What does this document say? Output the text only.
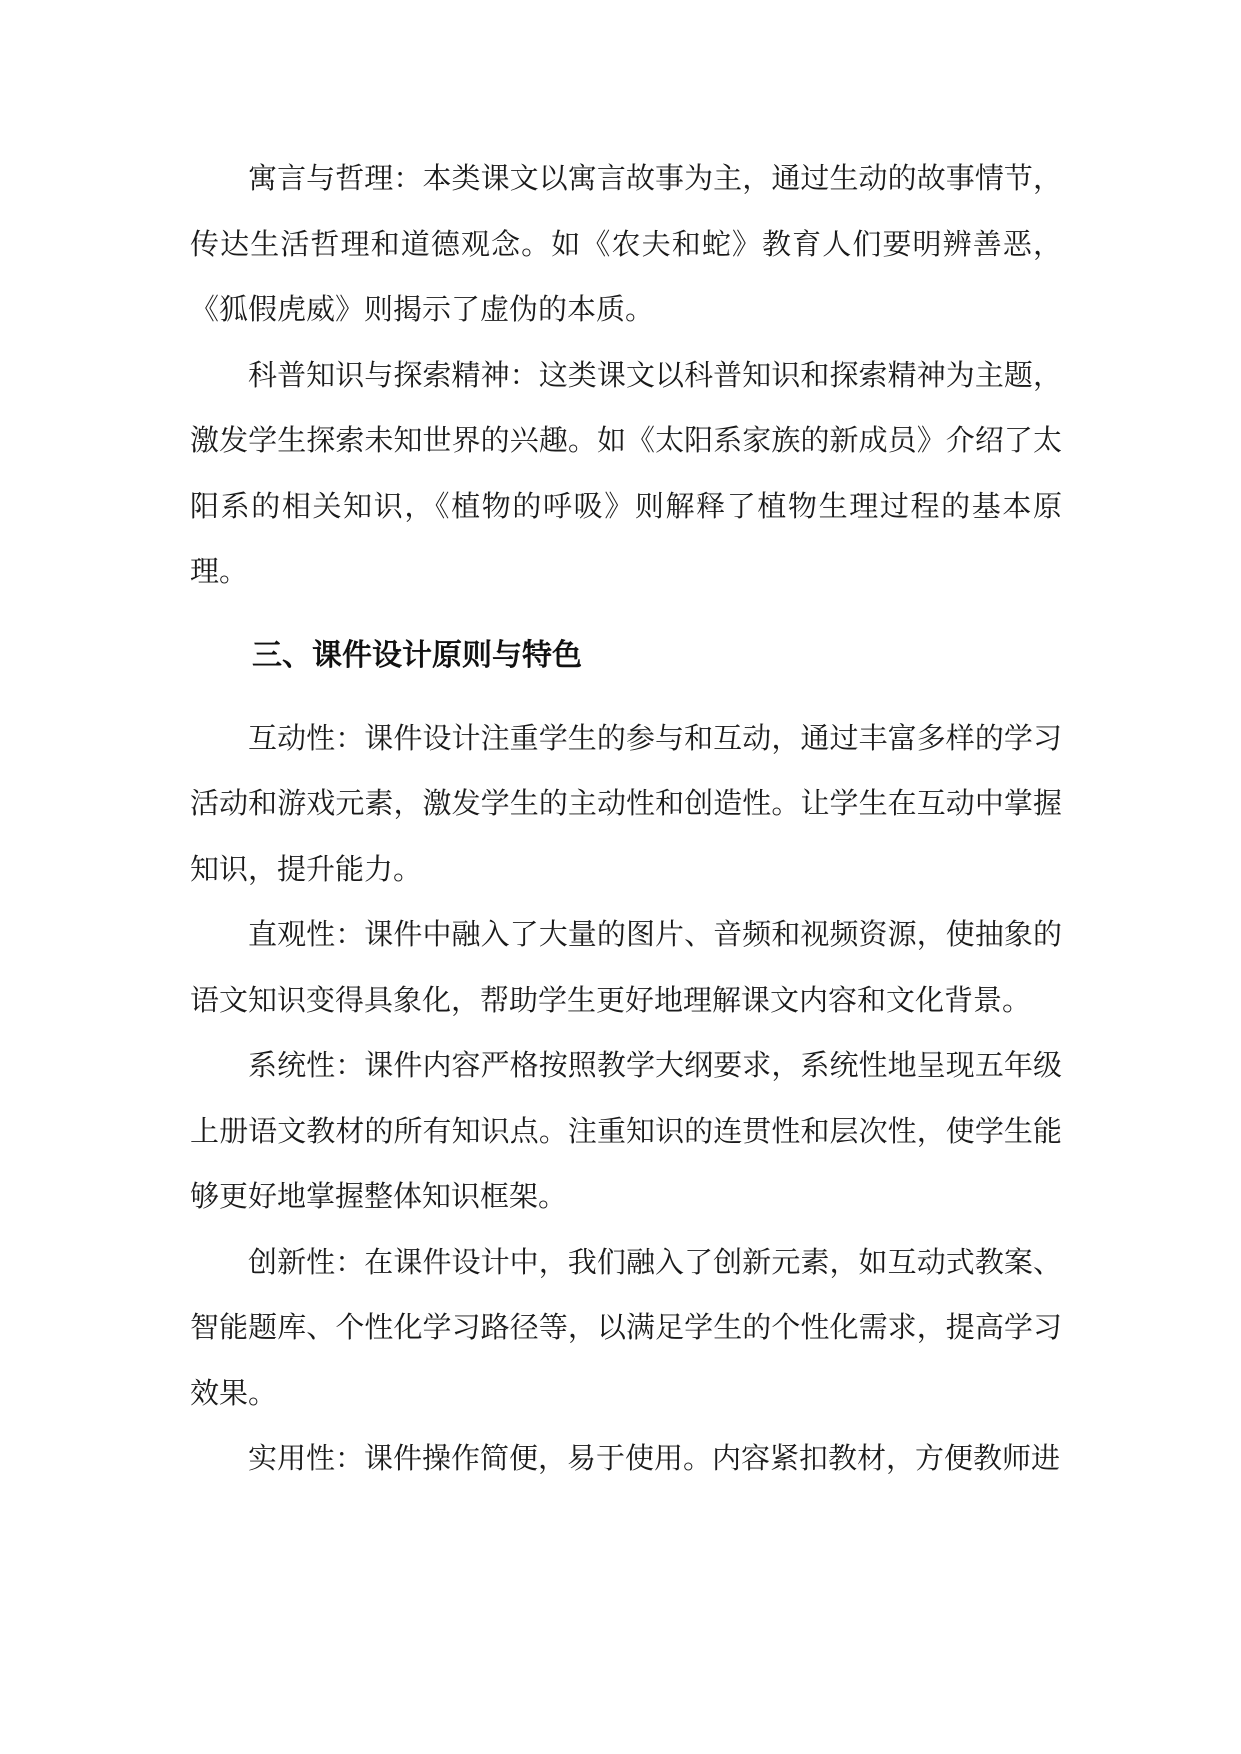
寓言与哲理：本类课文以寓言故事为主，通过生动的故事情节，传达生活哲理和道德观念。如《农夫和蛇》教育人们要明辨善恶，《狐假虎威》则揭示了虚伪的本质。

科普知识与探索精神：这类课文以科普知识和探索精神为主题，激发学生探索未知世界的兴趣。如《太阳系家族的新成员》介绍了太阳系的相关知识，《植物的呼吸》则解释了植物生理过程的基本原理。

三、课件设计原则与特色

互动性：课件设计注重学生的参与和互动，通过丰富多样的学习活动和游戏元素，激发学生的主动性和创造性。让学生在互动中掌握知识，提升能力。

直观性：课件中融入了大量的图片、音频和视频资源，使抽象的语文知识变得具象化，帮助学生更好地理解课文内容和文化背景。

系统性：课件内容严格按照教学大纲要求，系统性地呈现五年级上册语文教材的所有知识点。注重知识的连贯性和层次性，使学生能够更好地掌握整体知识框架。

创新性：在课件设计中，我们融入了创新元素，如互动式教案、智能题库、个性化学习路径等，以满足学生的个性化需求，提高学习效果。

实用性：课件操作简便，易于使用。内容紧扣教材，方便教师进
